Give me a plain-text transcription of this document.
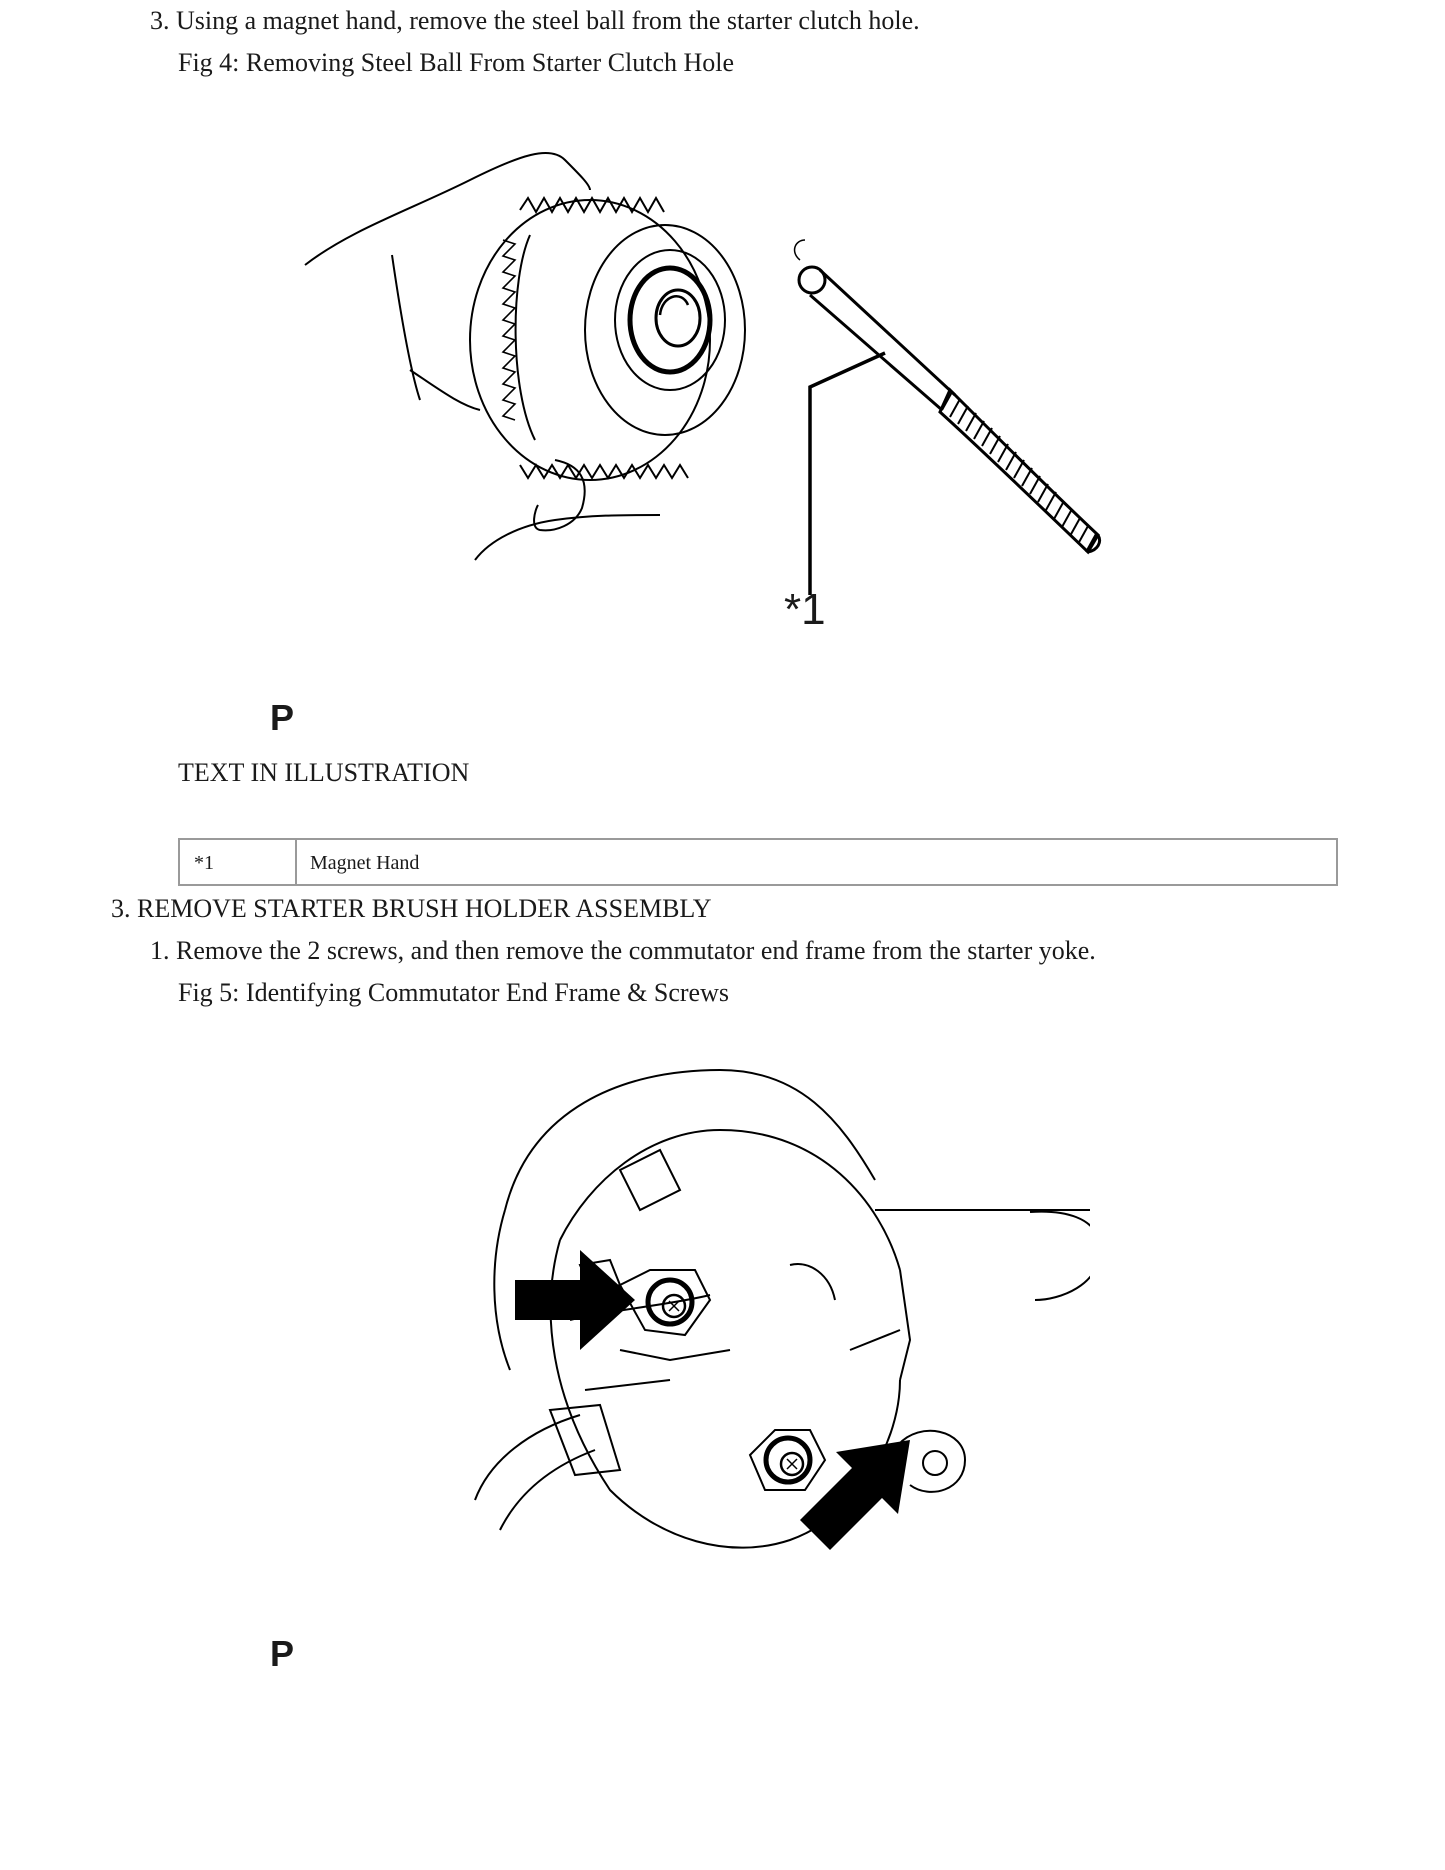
3. Using a magnet hand, remove the steel ball from the starter clutch hole.
Fig 4: Removing Steel Ball From Starter Clutch Hole
*1
P
TEXT IN ILLUSTRATION
*1	Magnet Hand
3. REMOVE STARTER BRUSH HOLDER ASSEMBLY
1. Remove the 2 screws, and then remove the commutator end frame from the starter yoke.
Fig 5: Identifying Commutator End Frame & Screws
P
